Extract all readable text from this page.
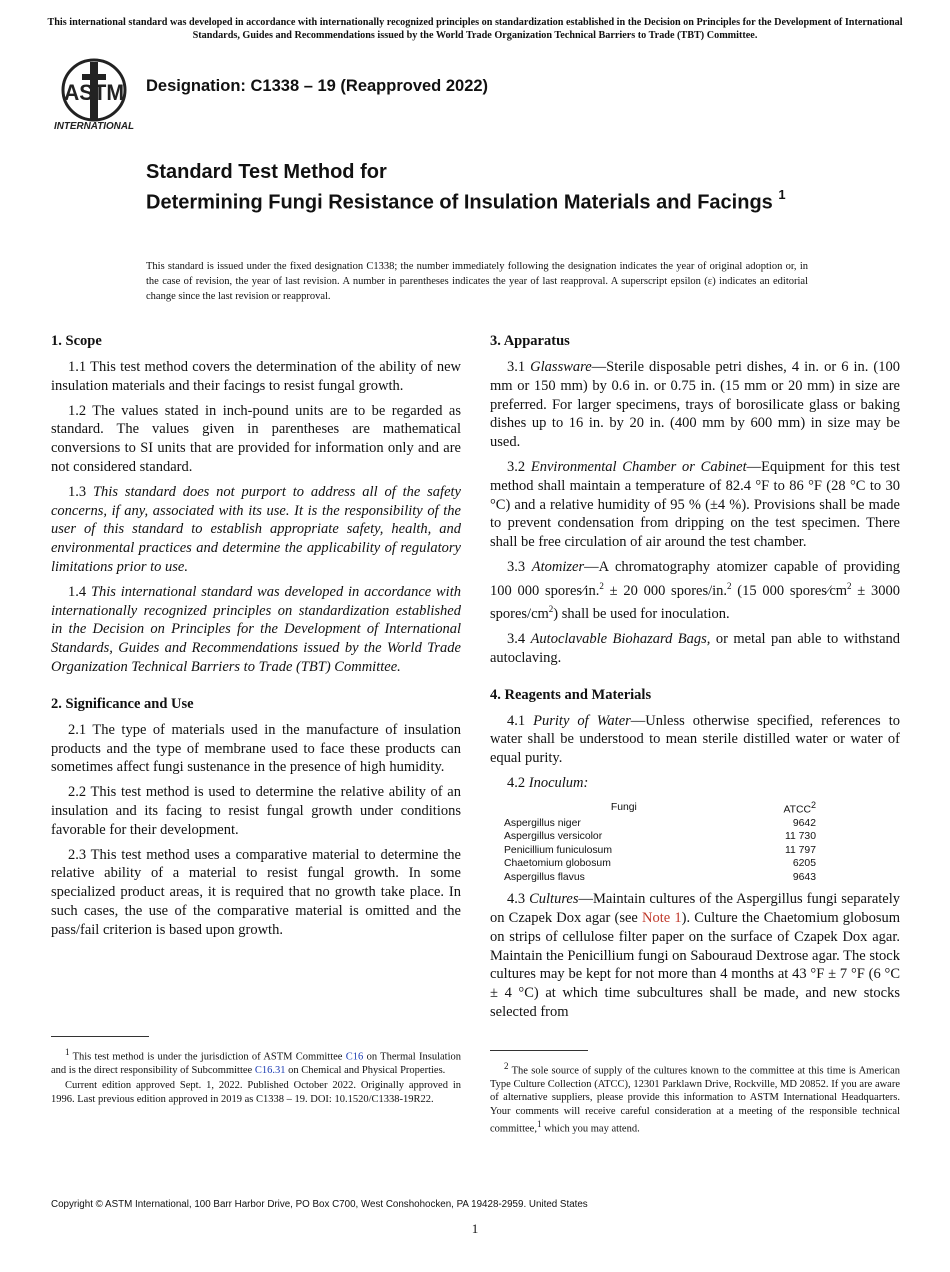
This international standard was developed in accordance with internationally recognized principles on standardization established in the Decision on Principles for the Development of International Standards, Guides and Recommendations issued by the World Trade Organization Technical Barriers to Trade (TBT) Committee.
ASTM
INTERNATIONAL
Designation: C1338 – 19 (Reapproved 2022)
Standard Test Method for
Determining Fungi Resistance of Insulation Materials and Facings $^1$
This standard is issued under the fixed designation C1338; the number immediately following the designation indicates the year of original adoption or, in the case of revision, the year of last revision. A number in parentheses indicates the year of last reapproval. A superscript epsilon (ε) indicates an editorial change since the last revision or reapproval.
1. Scope

1.1 This test method covers the determination of the ability of new insulation materials and their facings to resist fungal growth.

1.2 The values stated in inch-pound units are to be regarded as standard. The values given in parentheses are mathematical conversions to SI units that are provided for information only and are not considered standard.

1.3 This standard does not purport to address all of the safety concerns, if any, associated with its use. It is the responsibility of the user of this standard to establish appropriate safety, health, and environmental practices and determine the applicability of regulatory limitations prior to use.

1.4 This international standard was developed in accordance with internationally recognized principles on standardization established in the Decision on Principles for the Development of International Standards, Guides and Recommendations issued by the World Trade Organization Technical Barriers to Trade (TBT) Committee.

2. Significance and Use

2.1 The type of materials used in the manufacture of insulation products and the type of membrane used to face these products can sometimes affect fungi sustenance in the presence of high humidity.

2.2 This test method is used to determine the relative ability of an insulation and its facing to resist fungal growth under conditions favorable for their development.

2.3 This test method uses a comparative material to determine the relative ability of a material to resist fungal growth. In some specialized product areas, it is required that no growth take place. In such cases, the use of the comparative material is omitted and the pass/fail criterion is based upon growth.

3. Apparatus

3.1 Glassware—Sterile disposable petri dishes, 4 in. or 6 in. (100 mm or 150 mm) by 0.6 in. or 0.75 in. (15 mm or 20 mm) in size are preferred. For larger specimens, trays of borosilicate glass or baking dishes up to 16 in. by 20 in. (400 mm by 600 mm) in size may be used.

3.2 Environmental Chamber or Cabinet—Equipment for this test method shall maintain a temperature of 82.4 °F to 86 °F (28 °C to 30 °C) and a relative humidity of 95 % (±4 %). Provisions shall be made to prevent condensation from dripping on the test specimen. There shall be free circulation of air around the test chamber.

3.3 Atomizer—A chromatography atomizer capable of providing 100 000 spores⁄in.$^2$ ± 20 000 spores/in.$^2$ (15 000 $spores⁄cm^2 \pm 3000$ spores/$cm^2$) shall be used for inoculation.

3.4 Autoclavable Biohazard Bags, or metal pan able to withstand autoclaving.

4. Reagents and Materials

4.1 Purity of Water—Unless otherwise specified, references to water shall be understood to mean sterile distilled water or water of equal purity.

4.2 Inoculum:

Fungi	ATCC$^2$
Aspergillus niger	9642
Aspergillus versicolor	11 730
Penicillium funiculosum	11 797
Chaetomium globosum	6205
Aspergillus flavus	9643

4.3 Cultures—Maintain cultures of the Aspergillus fungi separately on Czapek Dox agar (see Note 1). Culture the Chaetomium globosum on strips of cellulose filter paper on the surface of Czapek Dox agar. Maintain the Penicillium fungi on Sabouraud Dextrose agar. The stock cultures may be kept for not more than 4 months at 43 °F ± 7 °F (6 °C ± 4 °C) at which time subcultures shall be made, and new stocks selected from

$^1$ This test method is under the jurisdiction of ASTM Committee C16 on Thermal Insulation and is the direct responsibility of Subcommittee C16.31 on Chemical and Physical Properties.

Current edition approved Sept. 1, 2022. Published October 2022. Originally approved in 1996. Last previous edition approved in 2019 as C1338 – 19. DOI: 10.1520/C1338-19R22.

$^2$ The sole source of supply of the cultures known to the committee at this time is American Type Culture Collection (ATCC), 12301 Parklawn Drive, Rockville, MD 20852. If you are aware of alternative suppliers, please provide this information to ASTM International Headquarters. Your comments will receive careful consideration at a meeting of the responsible technical committee,$^1$ which you may attend.

Copyright © ASTM International, 100 Barr Harbor Drive, PO Box C700, West Conshohocken, PA 19428-2959. United States
1
